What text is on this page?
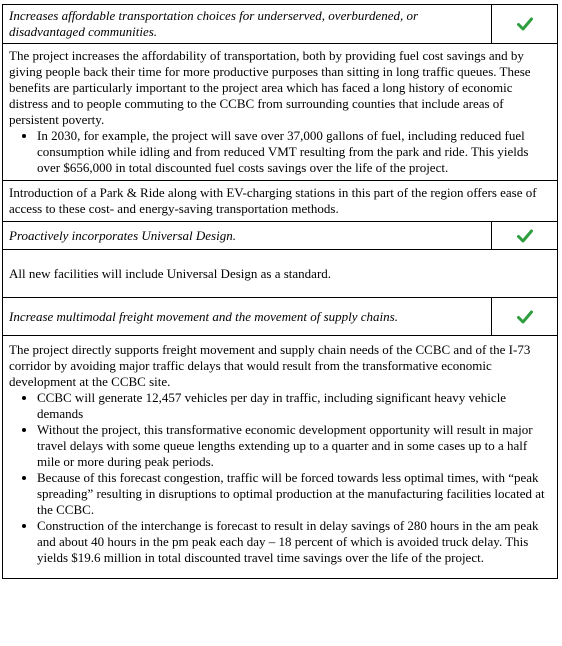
Increases affordable transportation choices for underserved, overburdened, or disadvantaged communities.
The project increases the affordability of transportation, both by providing fuel cost savings and by giving people back their time for more productive purposes than sitting in long traffic queues. These benefits are particularly important to the project area which has faced a long history of economic distress and to people commuting to the CCBC from surrounding counties that include areas of persistent poverty.
• In 2030, for example, the project will save over 37,000 gallons of fuel, including reduced fuel consumption while idling and from reduced VMT resulting from the park and ride. This yields over $656,000 in total discounted fuel costs savings over the life of the project.
Introduction of a Park & Ride along with EV-charging stations in this part of the region offers ease of access to these cost- and energy-saving transportation methods.
Proactively incorporates Universal Design.
All new facilities will include Universal Design as a standard.
Increase multimodal freight movement and the movement of supply chains.
The project directly supports freight movement and supply chain needs of the CCBC and of the I-73 corridor by avoiding major traffic delays that would result from the transformative economic development at the CCBC site.
• CCBC will generate 12,457 vehicles per day in traffic, including significant heavy vehicle demands
• Without the project, this transformative economic development opportunity will result in major travel delays with some queue lengths extending up to a quarter and in some cases up to a half mile or more during peak periods.
• Because of this forecast congestion, traffic will be forced towards less optimal times, with “peak spreading” resulting in disruptions to optimal production at the manufacturing facilities located at the CCBC.
• Construction of the interchange is forecast to result in delay savings of 280 hours in the am peak and about 40 hours in the pm peak each day – 18 percent of which is avoided truck delay. This yields $19.6 million in total discounted travel time savings over the life of the project.
